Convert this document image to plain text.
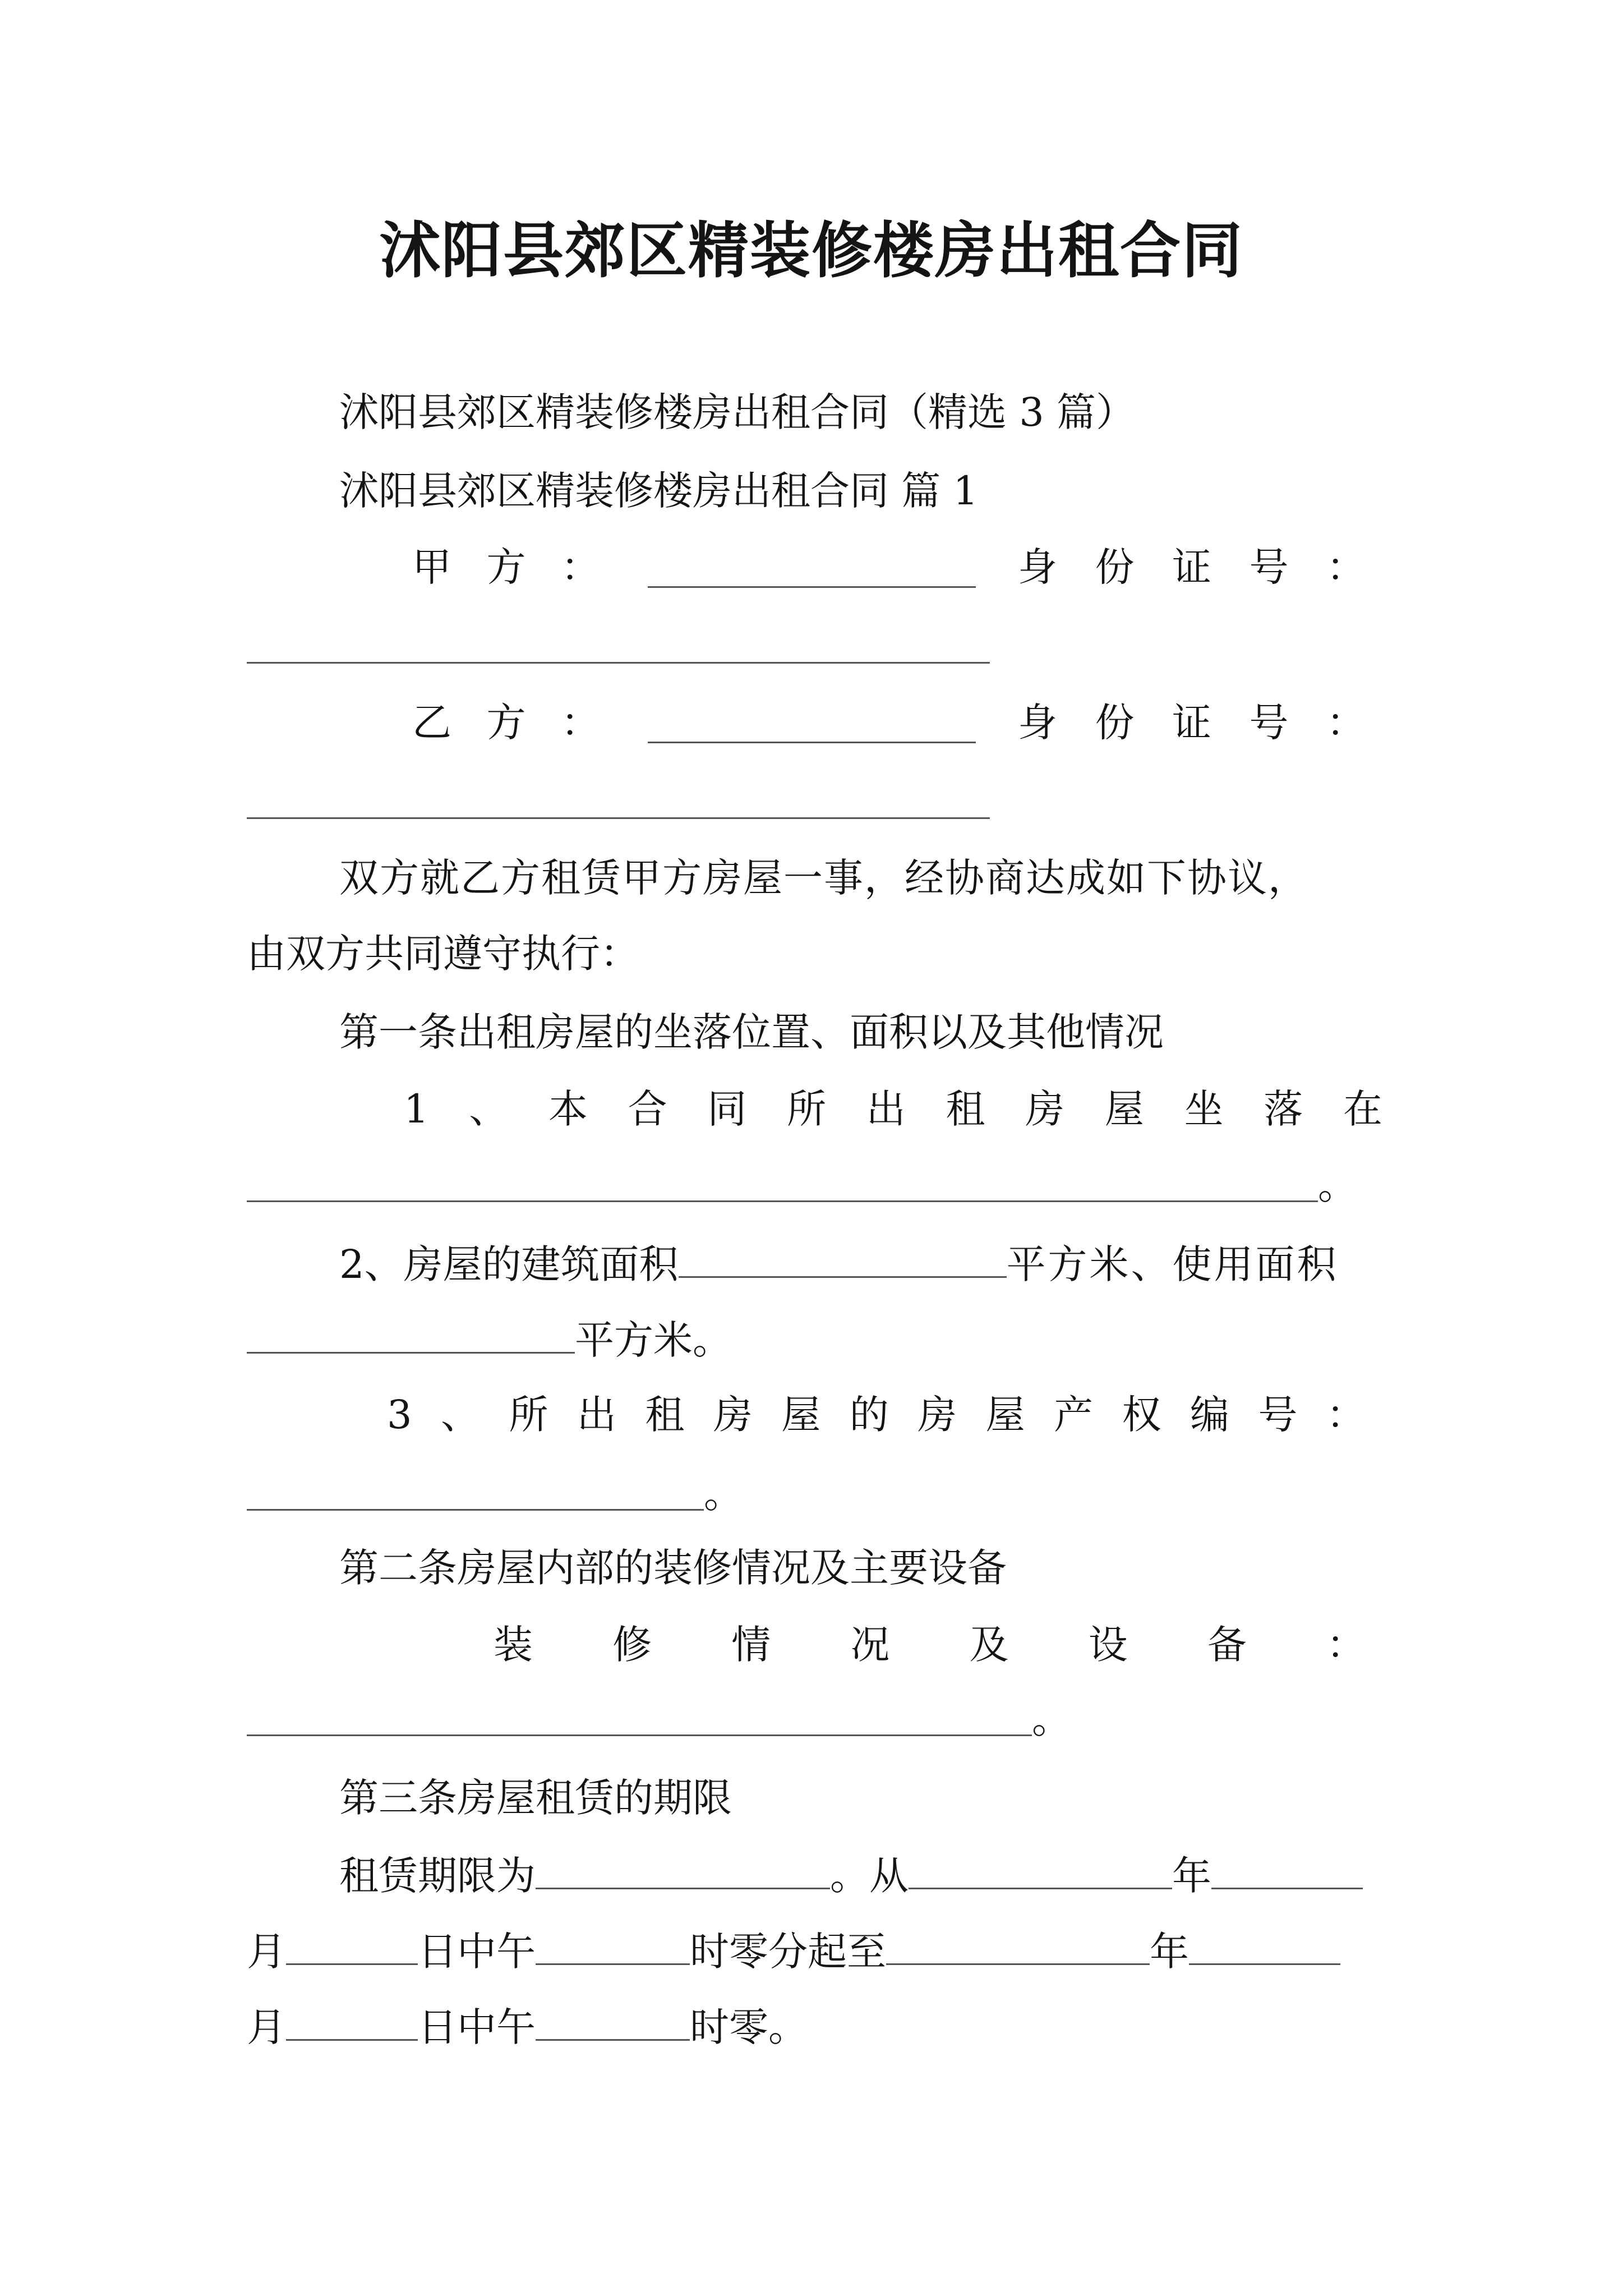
沭阳县郊区精装修楼房出租合同
沭阳县郊区精装修楼房出租合同（精选 3 篇）
沭阳县郊区精装修楼房出租合同 篇 1
甲 方 ：	身 份 证 号 ：
乙 方 ：	身 份 证 号 ：
双方就乙方租赁甲方房屋一事，经协商达成如下协议，
由双方共同遵守执行：
第一条出租房屋的坐落位置、面积以及其他情况
1 、 本 合 同 所 出 租 房 屋 坐 落 在
。
2、房屋的建筑面积	平方米、使用面积
平方米。
3 、 所 出 租 房 屋 的 房 屋 产 权 编 号 ：
。
第二条房屋内部的装修情况及主要设备
装 修 情 况 及 设 备 ：
。
第三条房屋租赁的期限
租赁期限为	。从	年
月	日中午	时零分起至	年
月	日中午	时零。
